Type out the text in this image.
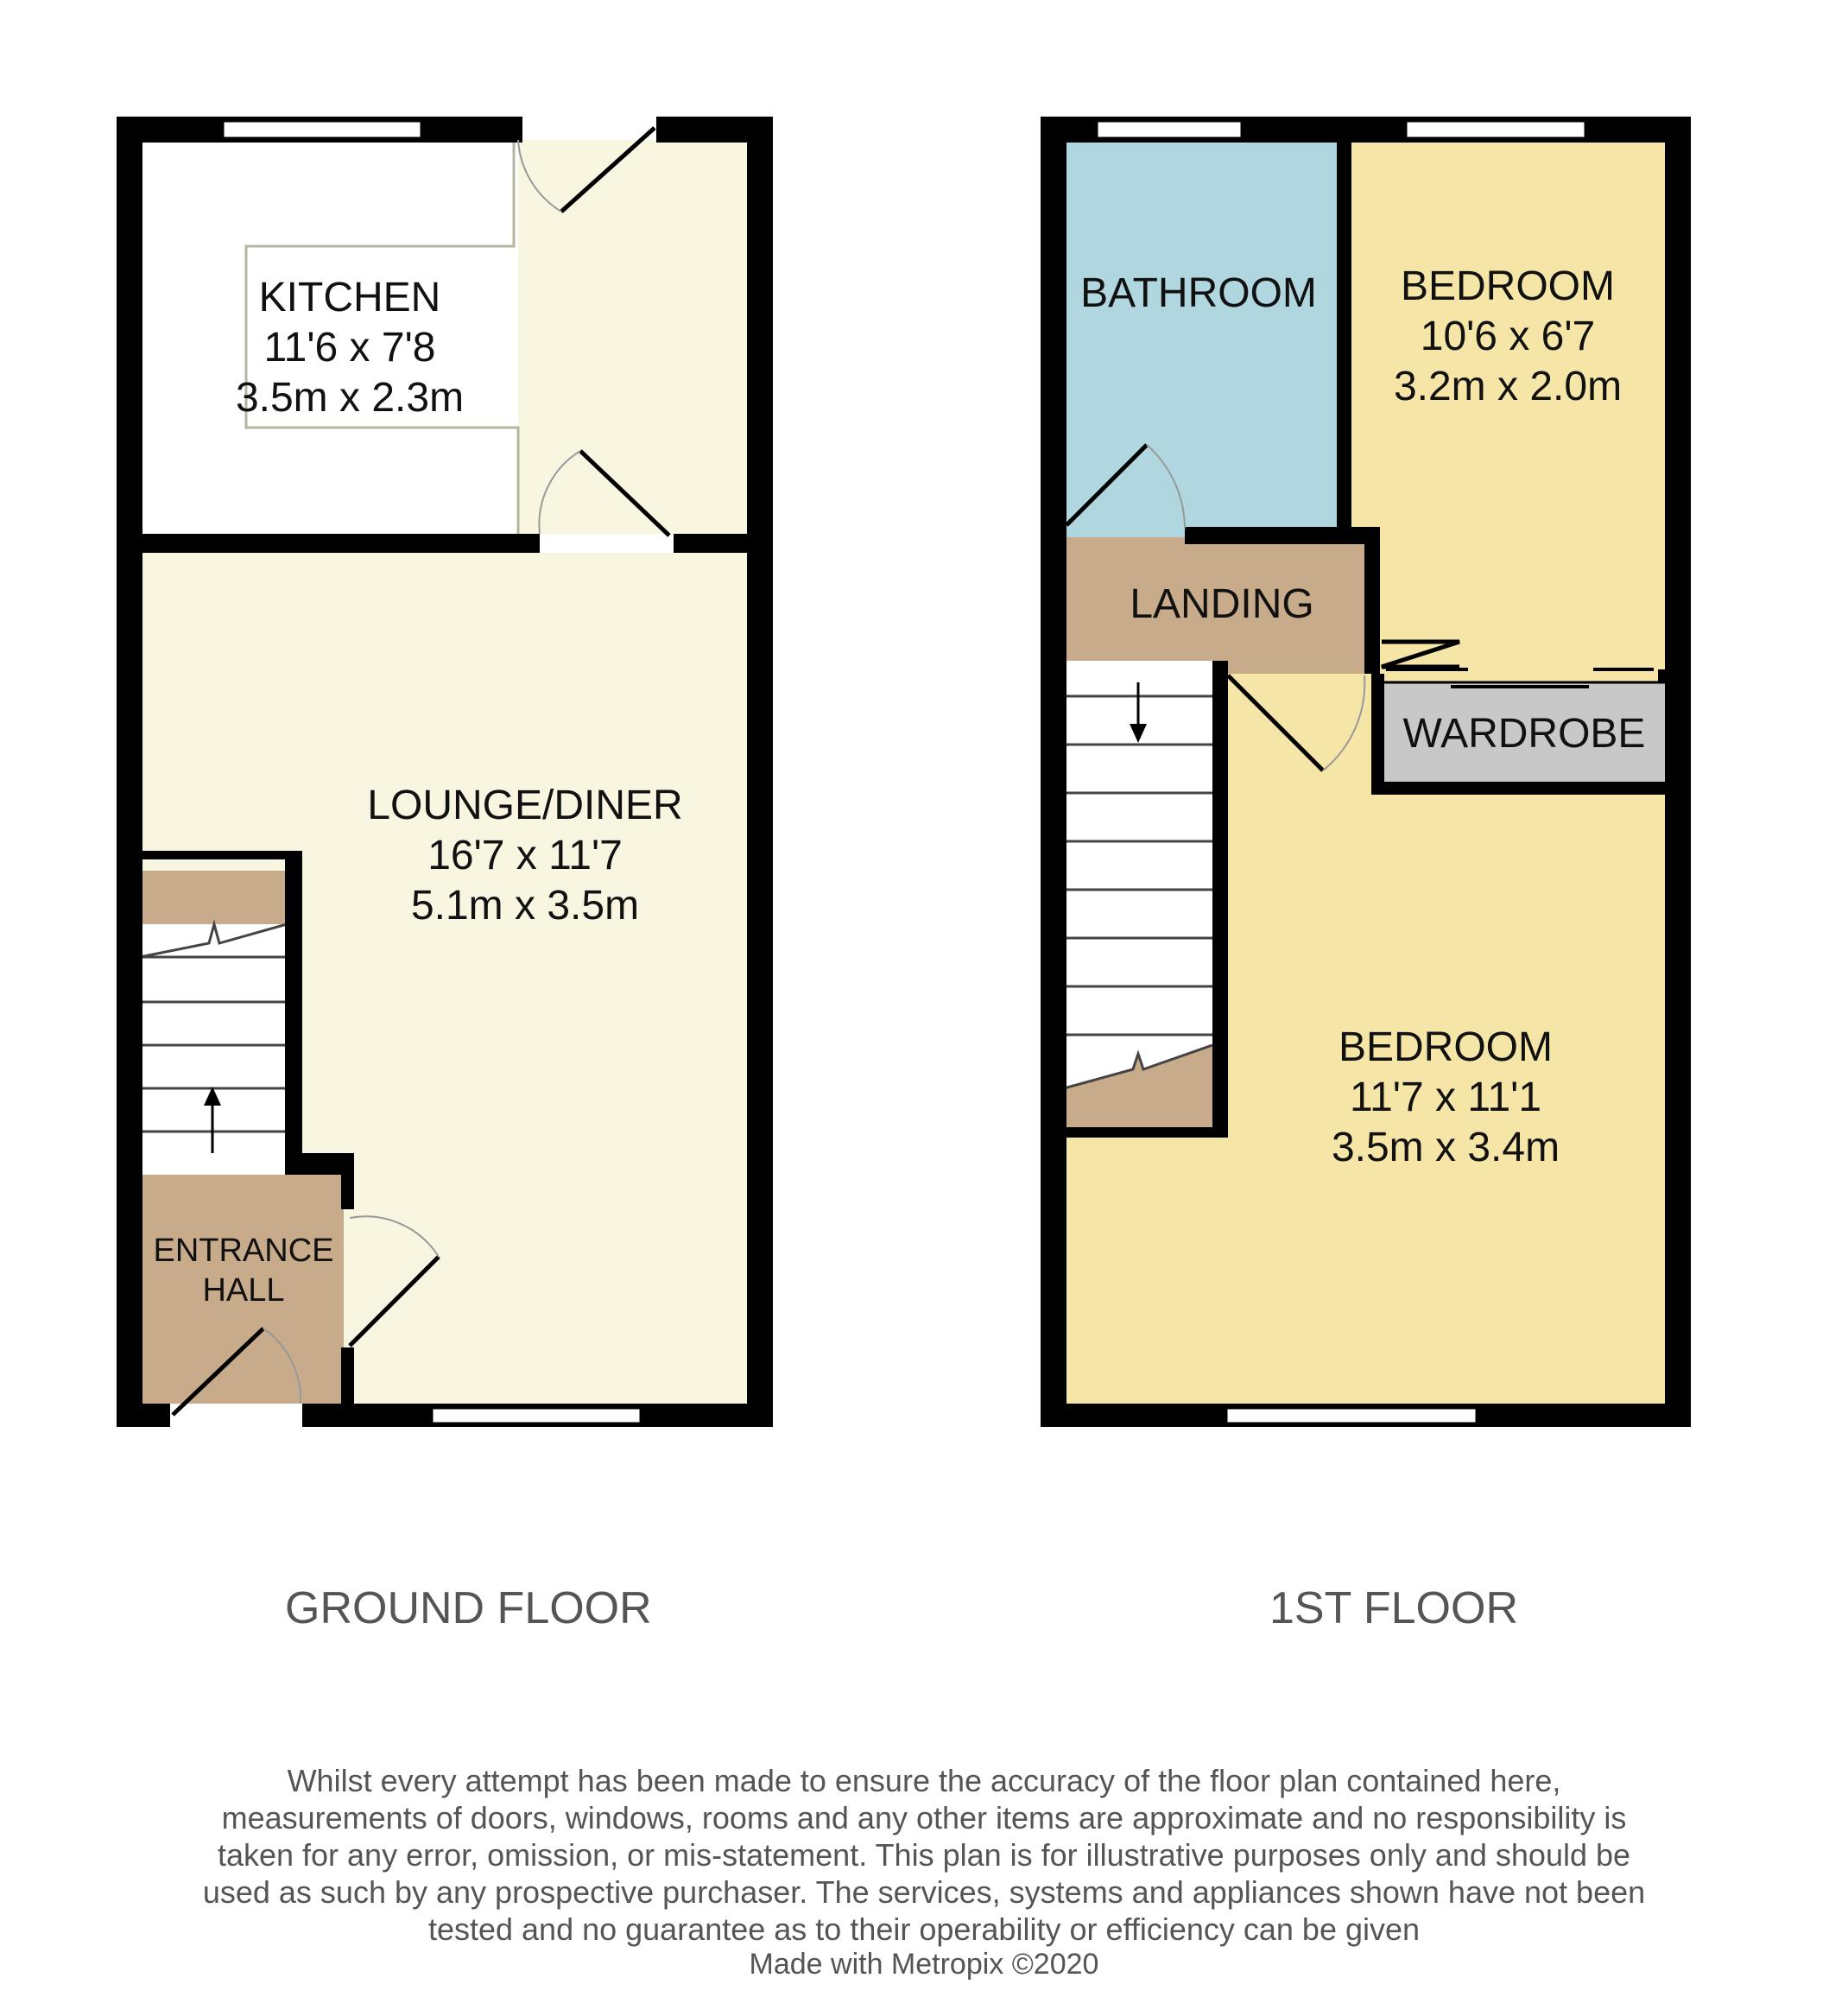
KITCHEN
11'6 x 7'8
3.5m x 2.3m
LOUNGE/DINER
16'7 x 11'7
5.1m x 3.5m
ENTRANCE
HALL
BATHROOM BEDROOM
10'6 x 6'7
3.2m x 2.0m
LANDING
WARDROBE
BEDROOM
11'7 x 11'1
3.5m x 3.4m
GROUND FLOOR	1ST FLOOR
Whilst every attempt has been made to ensure the accuracy of the floor plan contained here, measurements of doors, windows, rooms and any other items are approximate and no responsibility is taken for any error, omission, or mis-statement. This plan is for illustrative purposes only and should be used as such by any prospective purchaser. The services, systems and appliances shown have not been tested and no guarantee as to their operability or efficiency can be given
Made with Metropix ©2020
